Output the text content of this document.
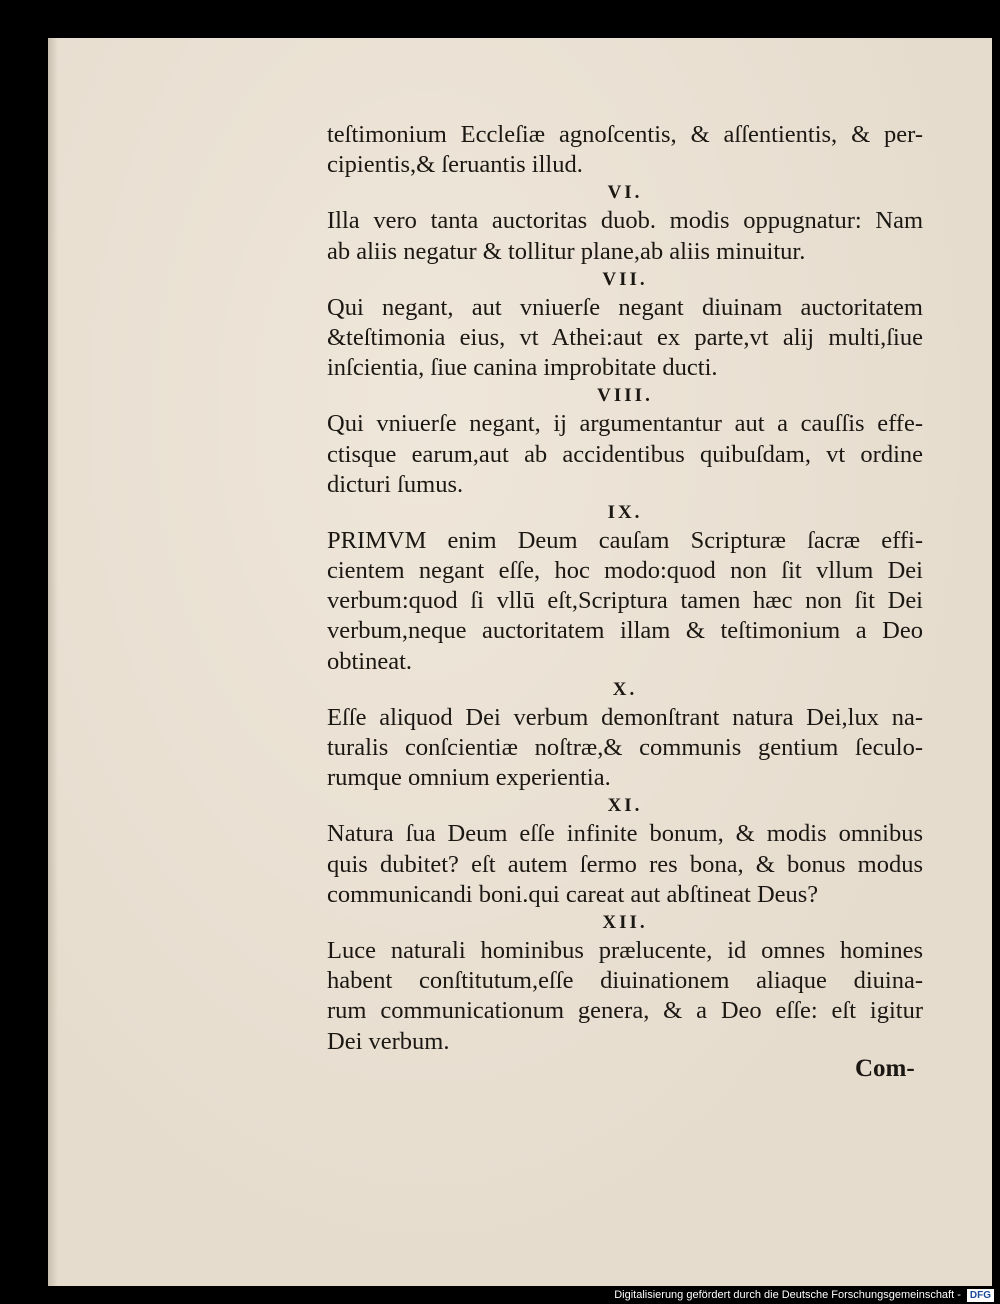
teſtimonium Eccleſiæ agnoſcentis, & aſſentientis, & per-
cipientis,& ſeruantis illud.
VI.
Illa vero tanta auctoritas duob. modis oppugnatur: Nam
ab aliis negatur & tollitur plane,ab aliis minuitur.
VII.
Qui negant, aut vniuerſe negant diuinam auctoritatem
&teſtimonia eius, vt Athei:aut ex parte,vt alij multi,ſiue
inſcientia, ſiue canina improbitate ducti.
VIII.
Qui vniuerſe negant, ij argumentantur aut a cauſſis effe-
ctisque earum,aut ab accidentibus quibuſdam, vt ordine
dicturi ſumus.
IX.
PRIMVM enim Deum cauſam Scripturæ ſacræ effi-
cientem negant eſſe, hoc modo:quod non ſit vllum Dei
verbum:quod ſi vllū eſt,Scriptura tamen hæc non ſit Dei
verbum,neque auctoritatem illam & teſtimonium a Deo
obtineat.
X.
Eſſe aliquod Dei verbum demonſtrant natura Dei,lux na-
turalis conſcientiæ noſtræ,& communis gentium ſeculo-
rumque omnium experientia.
XI.
Natura ſua Deum eſſe infinite bonum, & modis omnibus
quis dubitet? eſt autem ſermo res bona, & bonus modus
communicandi boni.qui careat aut abſtineat Deus?
XII.
Luce naturali hominibus prælucente, id omnes homines
habent conſtitutum,eſſe diuinationem aliaque diuina-
rum communicationum genera, & a Deo eſſe: eſt igitur
Dei verbum.
Com-
Digitalisierung gefördert durch die Deutsche Forschungsgemeinschaft - DFG
